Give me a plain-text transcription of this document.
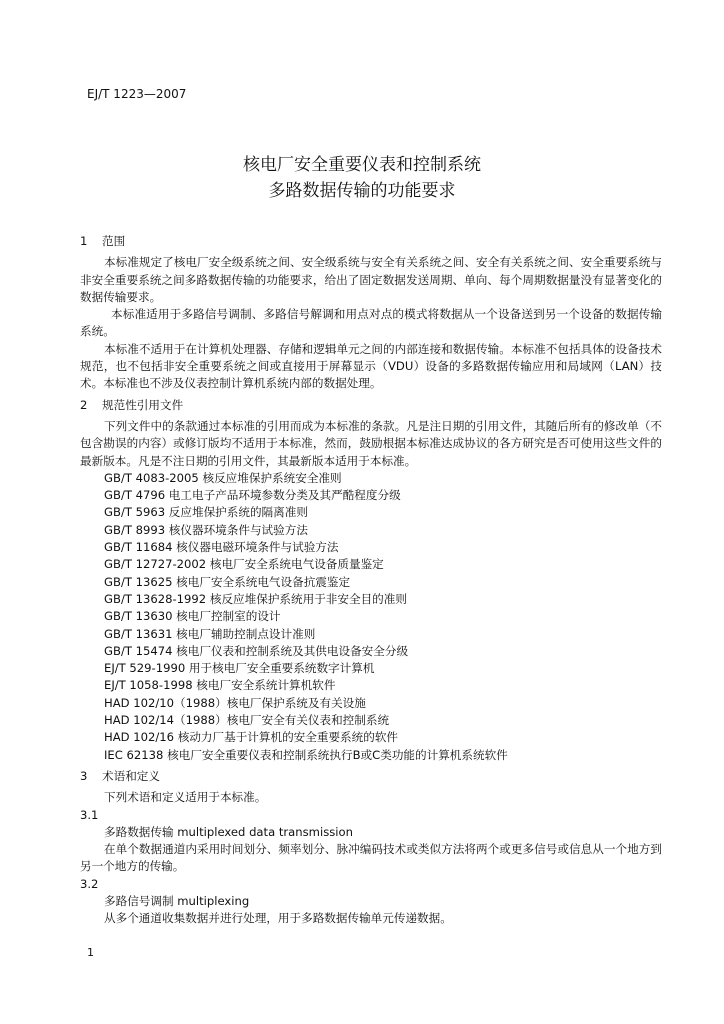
EJ/T 1223—2007
核电厂安全重要仪表和控制系统
多路数据传输的功能要求
1 范围

本标准规定了核电厂安全级系统之间、安全级系统与安全有关系统之间、安全有关系统之间、安全重要系统与非安全重要系统之间多路数据传输的功能要求，给出了固定数据发送周期、单向、每个周期数据量没有显著变化的数据传输要求。

本标准适用于多路信号调制、多路信号解调和用点对点的模式将数据从一个设备送到另一个设备的数据传输系统。

本标准不适用于在计算机处理器、存储和逻辑单元之间的内部连接和数据传输。本标准不包括具体的设备技术规范，也不包括非安全重要系统之间或直接用于屏幕显示（VDU）设备的多路数据传输应用和局域网（LAN）技术。本标准也不涉及仪表控制计算机系统内部的数据处理。

2 规范性引用文件

下列文件中的条款通过本标准的引用而成为本标准的条款。凡是注日期的引用文件，其随后所有的修改单（不包含勘误的内容）或修订版均不适用于本标准，然而，鼓励根据本标准达成协议的各方研究是否可使用这些文件的最新版本。凡是不注日期的引用文件，其最新版本适用于本标准。

GB/T 4083-2005 核反应堆保护系统安全准则
GB/T 4796 电工电子产品环境参数分类及其严酷程度分级
GB/T 5963 反应堆保护系统的隔离准则
GB/T 8993 核仪器环境条件与试验方法
GB/T 11684 核仪器电磁环境条件与试验方法
GB/T 12727-2002 核电厂安全系统电气设备质量鉴定
GB/T 13625 核电厂安全系统电气设备抗震鉴定
GB/T 13628-1992 核反应堆保护系统用于非安全目的准则
GB/T 13630 核电厂控制室的设计
GB/T 13631 核电厂辅助控制点设计准则
GB/T 15474 核电厂仪表和控制系统及其供电设备安全分级
EJ/T 529-1990 用于核电厂安全重要系统数字计算机
EJ/T 1058-1998 核电厂安全系统计算机软件
HAD 102/10（1988）核电厂保护系统及有关设施
HAD 102/14（1988）核电厂安全有关仪表和控制系统
HAD 102/16 核动力厂基于计算机的安全重要系统的软件
IEC 62138 核电厂安全重要仪表和控制系统执行B或C类功能的计算机系统软件
3 术语和定义

下列术语和定义适用于本标准。

3.1
多路数据传输 multiplexed data transmission

在单个数据通道内采用时间划分、频率划分、脉冲编码技术或类似方法将两个或更多信号或信息从一个地方到另一个地方的传输。

3.2
多路信号调制 multiplexing

从多个通道收集数据并进行处理，用于多路数据传输单元传递数据。

1
